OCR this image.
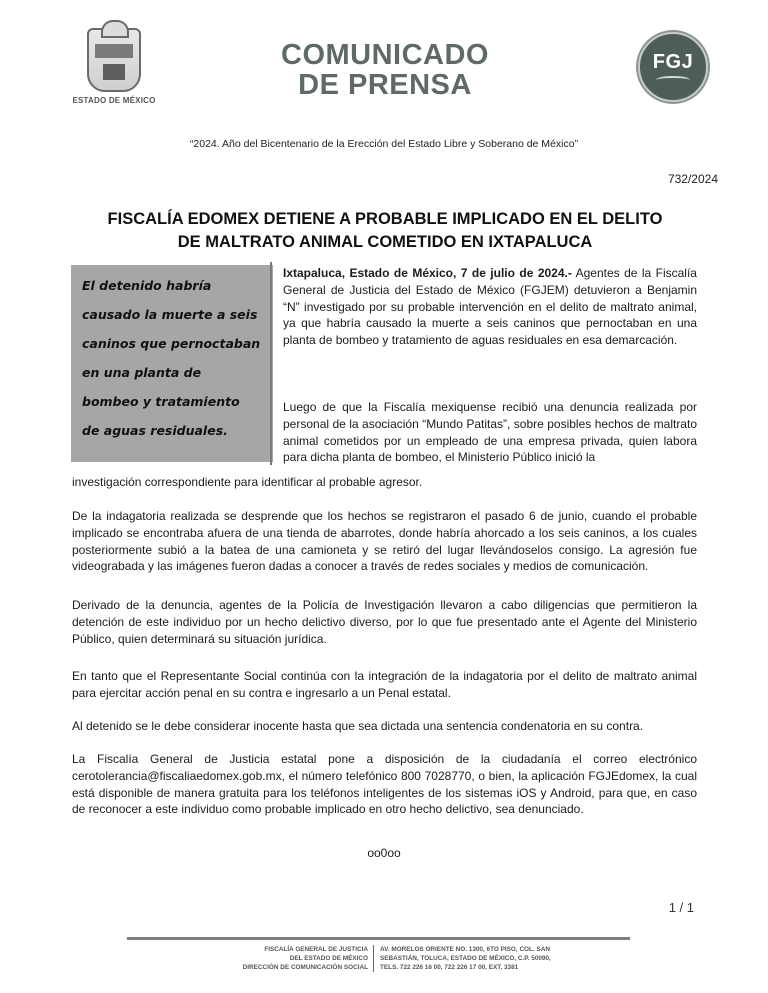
ESTADO DE MÉXICO
COMUNICADO
DE PRENSA
FGJ
“2024. Año del Bicentenario de la Erección del Estado Libre y Soberano de México”
732/2024
FISCALÍA EDOMEX DETIENE A PROBABLE IMPLICADO EN EL DELITO
DE MALTRATO ANIMAL COMETIDO EN IXTAPALUCA
El detenido habría
causado la muerte a seis
caninos que pernoctaban
en una planta de
bombeo y tratamiento
de aguas residuales.
Ixtapaluca, Estado de México, 7 de julio de 2024.- Agentes de la Fiscalía General de Justicia del Estado de México (FGJEM) detuvieron a Benjamin “N” investigado por su probable intervención en el delito de maltrato animal, ya que habría causado la muerte a seis caninos que pernoctaban en una planta de bombeo y tratamiento de aguas residuales en esa demarcación.
Luego de que la Fiscalía mexiquense recibió una denuncia realizada por personal de la asociación “Mundo Patitas”, sobre posibles hechos de maltrato animal cometidos por un empleado de una empresa privada, quien labora para dicha planta de bombeo, el Ministerio Público inició la
investigación correspondiente para identificar al probable agresor.
De la indagatoria realizada se desprende que los hechos se registraron el pasado 6 de junio, cuando el probable implicado se encontraba afuera de una tienda de abarrotes, donde habría ahorcado a los seis caninos, a los cuales posteriormente subió a la batea de una camioneta y se retiró del lugar llevándoselos consigo. La agresión fue videograbada y las imágenes fueron dadas a conocer a través de redes sociales y medios de comunicación.
Derivado de la denuncia, agentes de la Policía de Investigación llevaron a cabo diligencias que permitieron la detención de este individuo por un hecho delictivo diverso, por lo que fue presentado ante el Agente del Ministerio Público, quien determinará su situación jurídica.
En tanto que el Representante Social continúa con la integración de la indagatoria por el delito de maltrato animal para ejercitar acción penal en su contra e ingresarlo a un Penal estatal.
Al detenido se le debe considerar inocente hasta que sea dictada una sentencia condenatoria en su contra.
La Fiscalía General de Justicia estatal pone a disposición de la ciudadanía el correo electrónico cerotolerancia@fiscaliaedomex.gob.mx, el número telefónico 800 7028770, o bien, la aplicación FGJEdomex, la cual está disponible de manera gratuita para los teléfonos inteligentes de los sistemas iOS y Android, para que, en caso de reconocer a este individuo como probable implicado en otro hecho delictivo, sea denunciado.
oo0oo
1 / 1
FISCALÍA GENERAL DE JUSTICIA
DEL ESTADO DE MÉXICO
DIRECCIÓN DE COMUNICACIÓN SOCIAL
AV. MORELOS ORIENTE NO. 1300, 6TO PISO, COL. SAN
SEBASTIÁN, TOLUCA, ESTADO DE MÉXICO, C.P. 50090,
TELS. 722 226 16 00, 722 226 17 00, EXT. 3381
